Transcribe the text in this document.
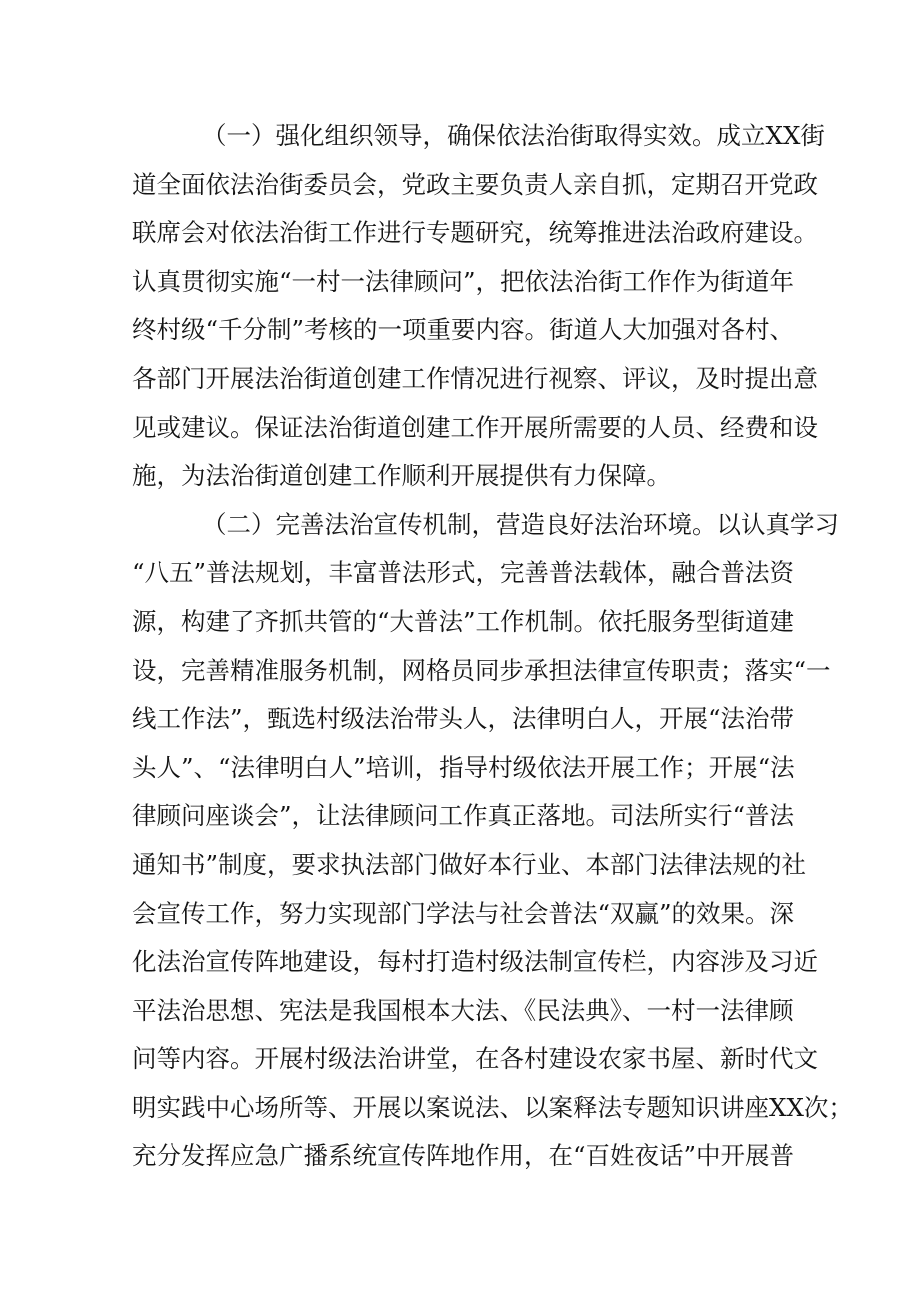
（一）强化组织领导，确保依法治街取得实效。成立XX街
道全面依法治街委员会，党政主要负责人亲自抓，定期召开党政
联席会对依法治街工作进行专题研究，统筹推进法治政府建设。
认真贯彻实施“一村一法律顾问”，把依法治街工作作为街道年
终村级“千分制”考核的一项重要内容。街道人大加强对各村、
各部门开展法治街道创建工作情况进行视察、评议，及时提出意
见或建议。保证法治街道创建工作开展所需要的人员、经费和设
施，为法治街道创建工作顺利开展提供有力保障。
（二）完善法治宣传机制，营造良好法治环境。以认真学习
“八五”普法规划，丰富普法形式，完善普法载体，融合普法资
源，构建了齐抓共管的“大普法”工作机制。依托服务型街道建
设，完善精准服务机制，网格员同步承担法律宣传职责；落实“一
线工作法”，甄选村级法治带头人，法律明白人，开展“法治带
头人”、“法律明白人”培训，指导村级依法开展工作；开展“法
律顾问座谈会”，让法律顾问工作真正落地。司法所实行“普法
通知书”制度，要求执法部门做好本行业、本部门法律法规的社
会宣传工作，努力实现部门学法与社会普法“双赢”的效果。深
化法治宣传阵地建设，每村打造村级法制宣传栏，内容涉及习近
平法治思想、宪法是我国根本大法、《民法典》、一村一法律顾
问等内容。开展村级法治讲堂，在各村建设农家书屋、新时代文
明实践中心场所等、开展以案说法、以案释法专题知识讲座XX次；
充分发挥应急广播系统宣传阵地作用，在“百姓夜话”中开展普
